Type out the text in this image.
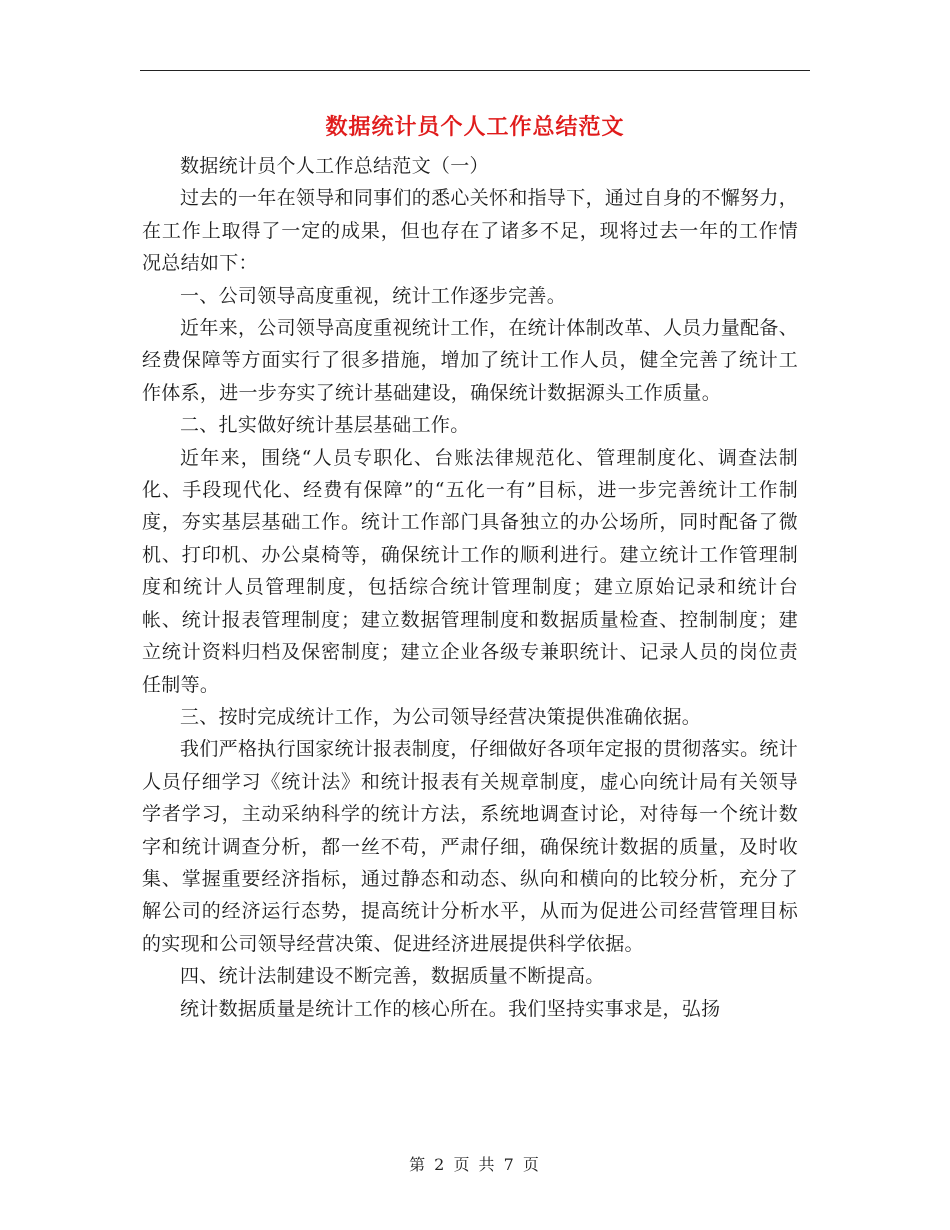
数据统计员个人工作总结范文

数据统计员个人工作总结范文（一）

过去的一年在领导和同事们的悉心关怀和指导下，通过自身的不懈努力，在工作上取得了一定的成果，但也存在了诸多不足，现将过去一年的工作情况总结如下：

一、公司领导高度重视，统计工作逐步完善。

近年来，公司领导高度重视统计工作，在统计体制改革、人员力量配备、经费保障等方面实行了很多措施，增加了统计工作人员，健全完善了统计工作体系，进一步夯实了统计基础建设，确保统计数据源头工作质量。

二、扎实做好统计基层基础工作。

近年来，围绕“人员专职化、台账法律规范化、管理制度化、调查法制化、手段现代化、经费有保障”的“五化一有”目标，进一步完善统计工作制度，夯实基层基础工作。统计工作部门具备独立的办公场所，同时配备了微机、打印机、办公桌椅等，确保统计工作的顺利进行。建立统计工作管理制度和统计人员管理制度，包括综合统计管理制度；建立原始记录和统计台帐、统计报表管理制度；建立数据管理制度和数据质量检查、控制制度；建立统计资料归档及保密制度；建立企业各级专兼职统计、记录人员的岗位责任制等。

三、按时完成统计工作，为公司领导经营决策提供准确依据。

我们严格执行国家统计报表制度，仔细做好各项年定报的贯彻落实。统计人员仔细学习《统计法》和统计报表有关规章制度，虚心向统计局有关领导学者学习，主动采纳科学的统计方法，系统地调查讨论，对待每一个统计数字和统计调查分析，都一丝不苟，严肃仔细，确保统计数据的质量，及时收集、掌握重要经济指标，通过静态和动态、纵向和横向的比较分析，充分了解公司的经济运行态势，提高统计分析水平，从而为促进公司经营管理目标的实现和公司领导经营决策、促进经济进展提供科学依据。

四、统计法制建设不断完善，数据质量不断提高。

统计数据质量是统计工作的核心所在。我们坚持实事求是，弘扬

第 2 页 共 7 页
